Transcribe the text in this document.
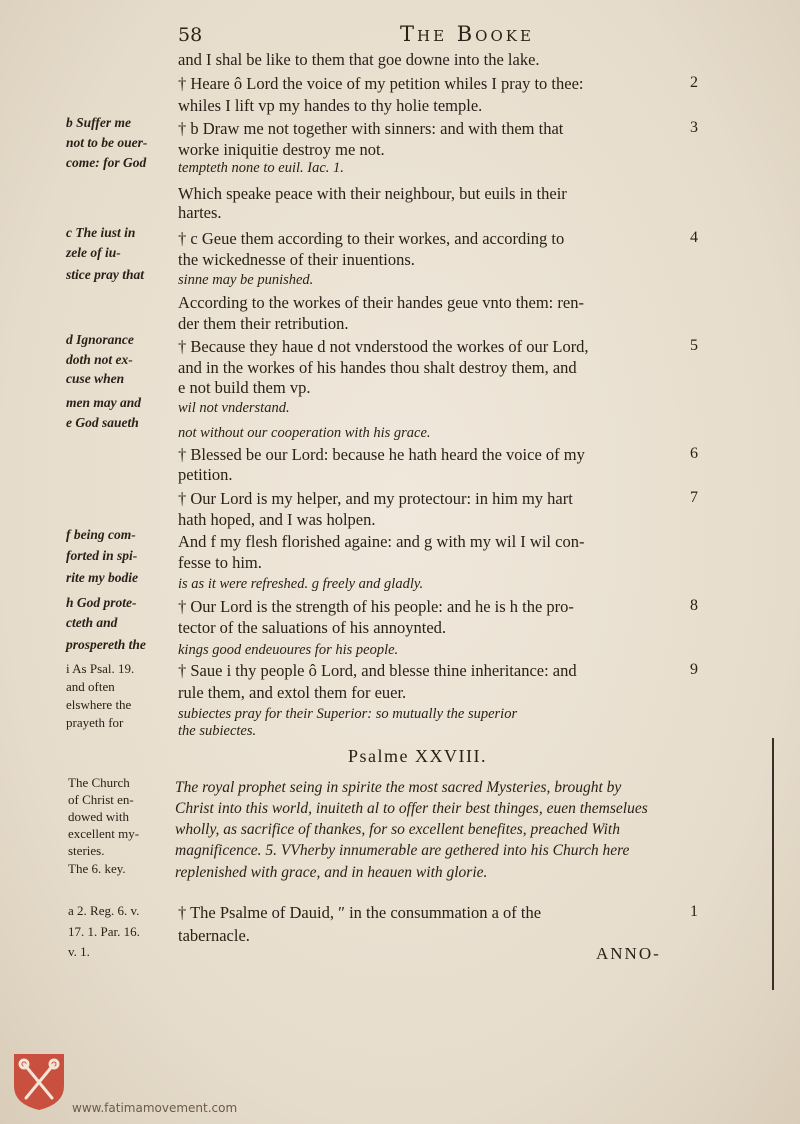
58	The Booke
and I shal be like to them that goe downe into the lake.
† Heare ô Lord the voice of my petition whiles I pray to thee:	2
whiles I lift vp my handes to thy holie temple.
† b Draw me not together with sinners: and with them that	3
worke iniquitie destroy me not.
tempteth none to euil. Iac. 1.
Which speake peace with their neighbour, but euils in their
hartes.
† c Geue them according to their workes, and according to	4
the wickednesse of their inuentions.
sinne may be punished.
According to the workes of their handes geue vnto them: ren-
der them their retribution.
† Because they haue d not vnderstood the workes of our Lord,	5
and in the workes of his handes thou shalt destroy them, and
e not build them vp.
wil not vnderstand.
not without our cooperation with his grace.
† Blessed be our Lord: because he hath heard the voice of my	6
petition.
† Our Lord is my helper, and my protectour: in him my hart	7
hath hoped, and I was holpen.
And f my flesh florished againe: and g with my wil I wil con-
fesse to him.
is as it were refreshed. g freely and gladly.
† Our Lord is the strength of his people: and he is h the pro-	8
tector of the saluations of his annoynted.
kings good endeuoures for his people.
† Saue i thy people ô Lord, and blesse thine inheritance: and	9
rule them, and extol them for euer.
subiectes pray for their Superior: so mutually the superior
the subiectes.
b Suffer me
not to be ouer-
come: for God
c The iust in
zele of iu-
stice pray that
d Ignorance
doth not ex-
cuse when
men may and
e God saueth
f being com-
forted in spi-
rite my bodie
h God prote-
cteth and
prospereth the
i As Psal. 19.
and often
elswhere the
prayeth for
Psalme XXVIII.
The royal prophet seing in spirite the most sacred Mysteries, brought by
Christ into this world, inuiteth al to offer their best thinges, euen themselues
wholly, as sacrifice of thankes, for so excellent benefites, preached With
magnificence. 5. VVherby innumerable are gethered into his Church here
replenished with grace, and in heauen with glorie.
The Church
of Christ en-
dowed with
excellent my-
steries.
The 6. key.
† The Psalme of Dauid, ″ in the consummation a of the	1
tabernacle.
a 2. Reg. 6. v.
17. 1. Par. 16.
v. 1.	ANNO-
www.fatimamovement.com
